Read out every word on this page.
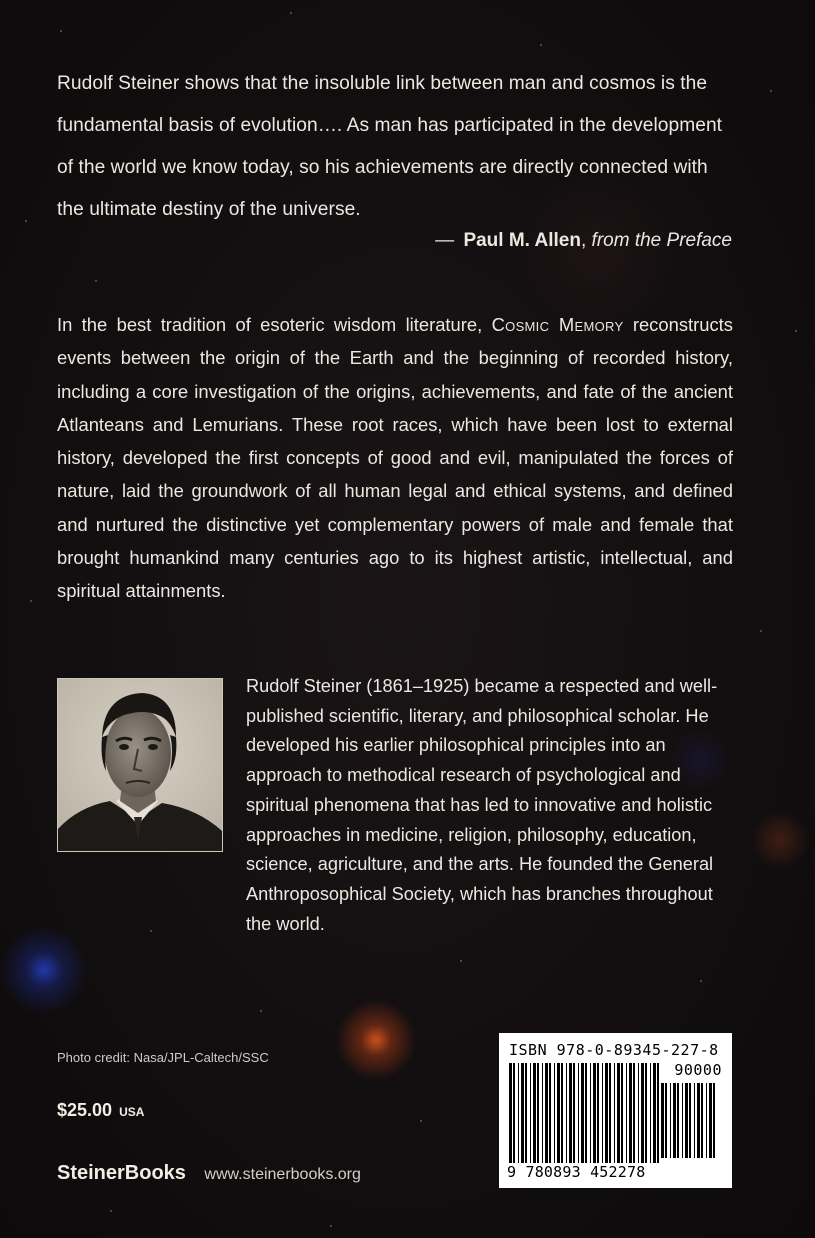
Rudolf Steiner shows that the insoluble link between man and cosmos is the fundamental basis of evolution…. As man has participated in the development of the world we know today, so his achievements are directly connected with the ultimate destiny of the universe.

— Paul M. Allen, from the Preface

In the best tradition of esoteric wisdom literature, Cosmic Memory reconstructs events between the origin of the Earth and the beginning of recorded history, including a core investigation of the origins, achievements, and fate of the ancient Atlanteans and Lemurians. These root races, which have been lost to external history, developed the first concepts of good and evil, manipulated the forces of nature, laid the groundwork of all human legal and ethical systems, and defined and nurtured the distinctive yet complementary powers of male and female that brought humankind many centuries ago to its highest artistic, intellectual, and spiritual attainments.

Rudolf Steiner (1861–1925) became a respected and well-published scientific, literary, and philosophical scholar. He developed his earlier philosophical principles into an approach to methodical research of psychological and spiritual phenomena that has led to innovative and holistic approaches in medicine, religion, philosophy, education, science, agriculture, and the arts. He founded the General Anthroposophical Society, which has branches throughout the world.

Photo credit: Nasa/JPL-Caltech/SSC
$25.00 USA
SteinerBooks www.steinerbooks.org
ISBN 978-0-89345-227-8
90000
9 780893 452278
